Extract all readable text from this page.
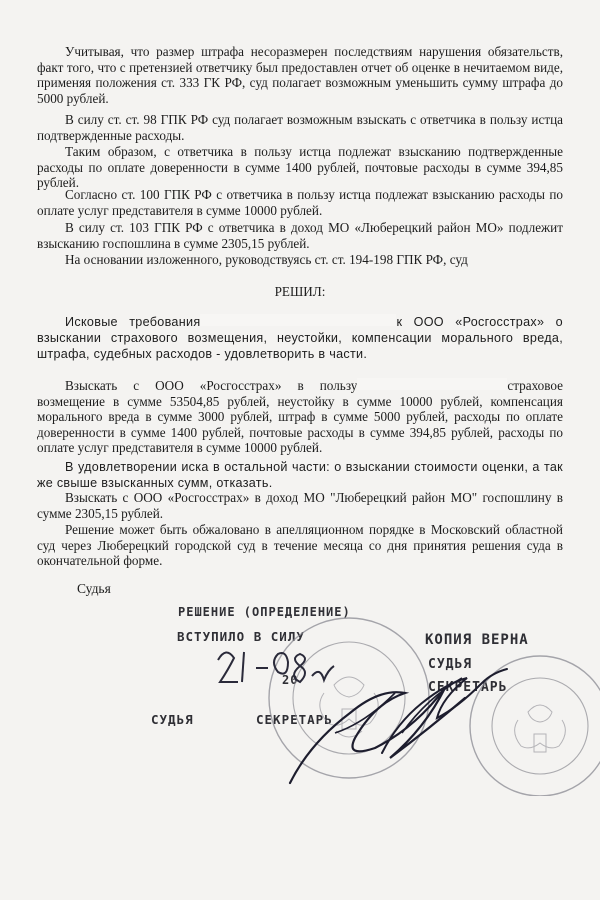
Учитывая, что размер штрафа несоразмерен последствиям нарушения обязательств, факт того, что с претензией ответчику был предоставлен отчет об оценке в нечитаемом виде, применяя положения ст. 333 ГК РФ, суд полагает возможным уменьшить сумму штрафа до 5000 рублей.

В силу ст. ст. 98 ГПК РФ суд полагает возможным взыскать с ответчика в пользу истца подтвержденные расходы.

Таким образом, с ответчика в пользу истца подлежат взысканию подтвержденные расходы по оплате доверенности в сумме 1400 рублей, почтовые расходы в сумме 394,85 рублей.

Согласно ст. 100 ГПК РФ с ответчика в пользу истца подлежат взысканию расходы по оплате услуг представителя в сумме 10000 рублей.

В силу ст. 103 ГПК РФ с ответчика в доход МО «Люберецкий район МО» подлежит взысканию госпошлина в сумме 2305,15 рублей.

На основании изложенного, руководствуясь ст. ст. 194-198 ГПК РФ, суд

РЕШИЛ:

Исковые требования	к ООО «Росгосстрах» о взыскании страхового возмещения, неустойки, компенсации морального вреда, штрафа, судебных расходов - удовлетворить в части.

Взыскать с ООО «Росгосстрах» в пользу	страховое возмещение в сумме 53504,85 рублей, неустойку в сумме 10000 рублей, компенсация морального вреда в сумме 3000 рублей, штраф в сумме 5000 рублей, расходы по оплате доверенности в сумме 1400 рублей, почтовые расходы в сумме 394,85 рублей, расходы по оплате услуг представителя в сумме 10000 рублей.

В удовлетворении иска в остальной части: о взыскании стоимости оценки, а так же свыше взысканных сумм, отказать.

Взыскать с ООО «Росгосстрах» в доход МО "Люберецкий район МО" госпошлину в сумме 2305,15 рублей.

Решение может быть обжаловано в апелляционном порядке в Московский областной суд через Люберецкий городской суд в течение месяца со дня принятия решения суда в окончательной форме.

Судья
РЕШЕНИЕ (ОПРЕДЕЛЕНИЕ)
ВСТУПИЛО В СИЛУ
20
СУДЬЯ	СЕКРЕТАРЬ
КОПИЯ ВЕРНА
СУДЬЯ
СЕКРЕТАРЬ
